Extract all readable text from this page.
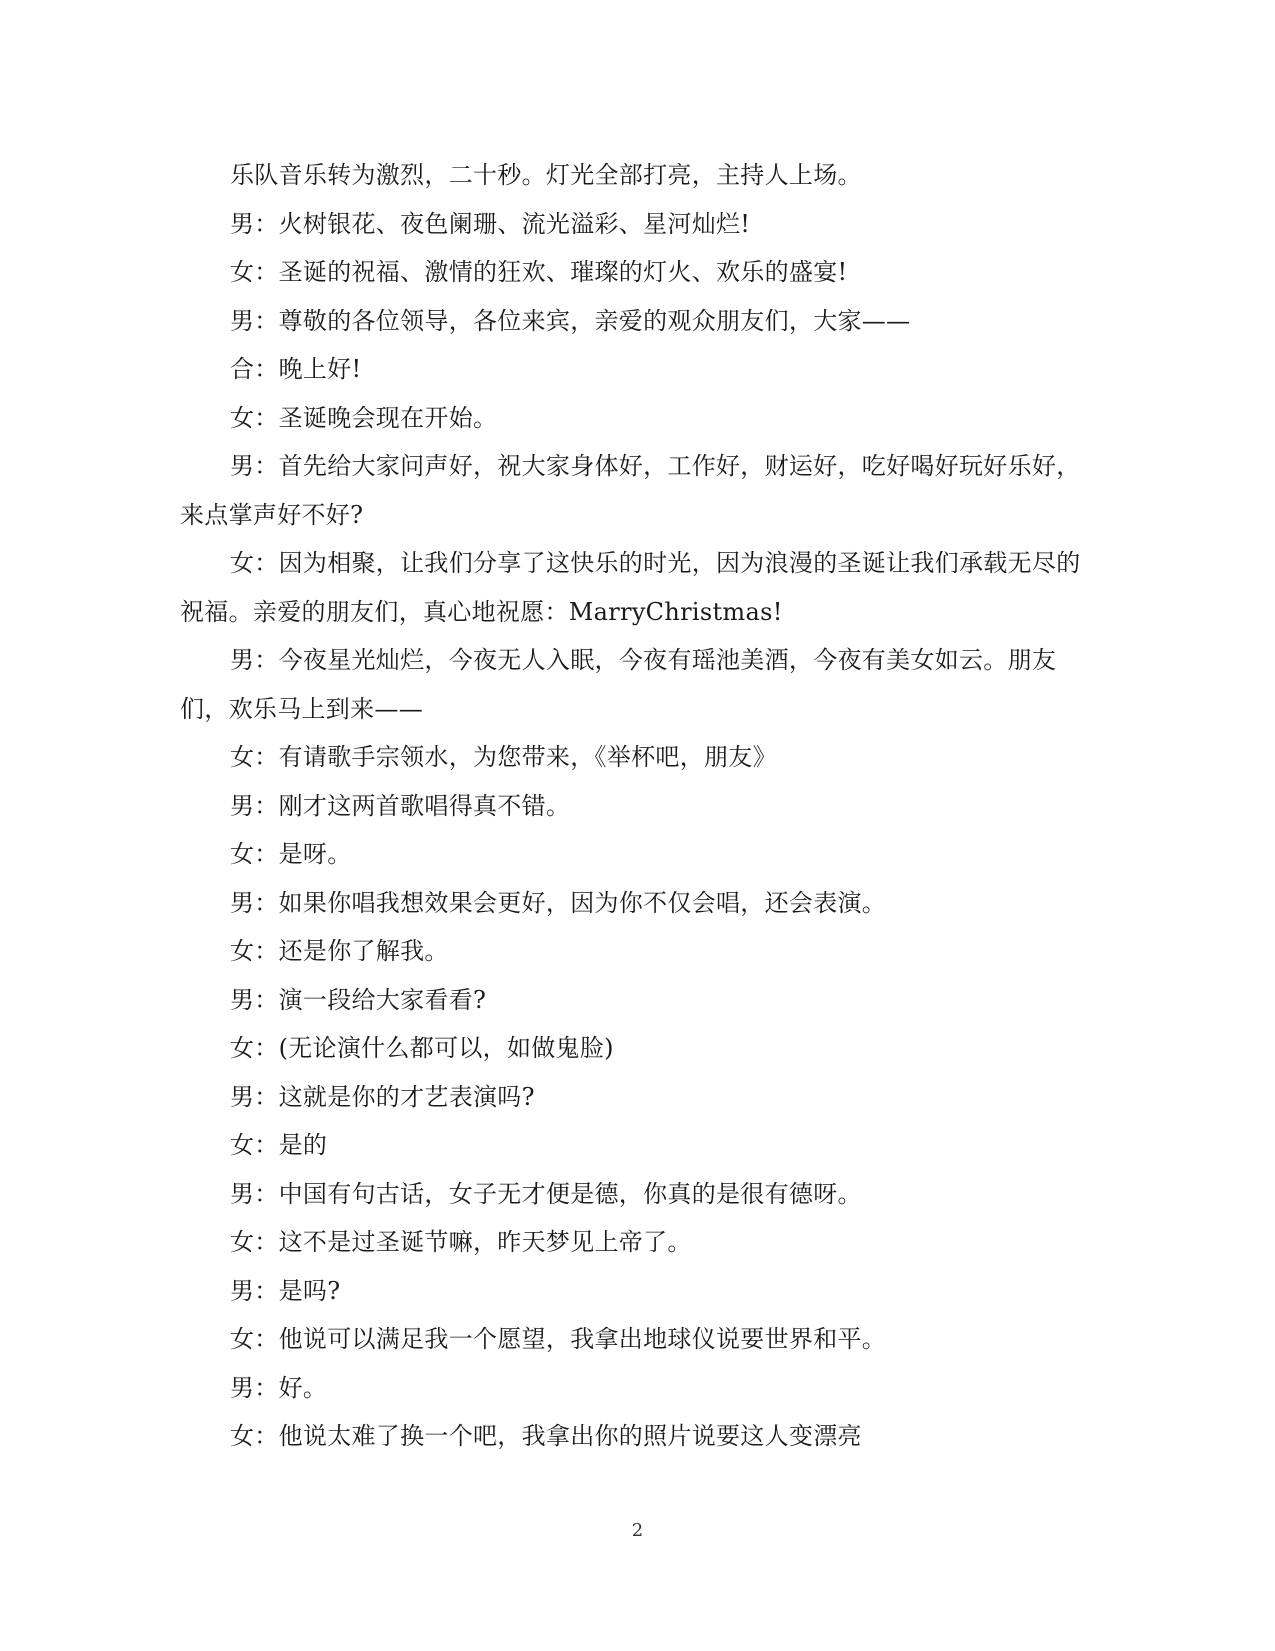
乐队音乐转为激烈，二十秒。灯光全部打亮，主持人上场。

男：火树银花、夜色阑珊、流光溢彩、星河灿烂!

女：圣诞的祝福、激情的狂欢、璀璨的灯火、欢乐的盛宴!

男：尊敬的各位领导，各位来宾，亲爱的观众朋友们，大家——

合：晚上好!

女：圣诞晚会现在开始。

男：首先给大家问声好，祝大家身体好，工作好，财运好，吃好喝好玩好乐好，来点掌声好不好?

女：因为相聚，让我们分享了这快乐的时光，因为浪漫的圣诞让我们承载无尽的祝福。亲爱的朋友们，真心地祝愿：MarryChristmas!

男：今夜星光灿烂，今夜无人入眠，今夜有瑶池美酒，今夜有美女如云。朋友们，欢乐马上到来——

女：有请歌手宗领水，为您带来，《举杯吧，朋友》

男：刚才这两首歌唱得真不错。

女：是呀。

男：如果你唱我想效果会更好，因为你不仅会唱，还会表演。

女：还是你了解我。

男：演一段给大家看看?

女：(无论演什么都可以，如做鬼脸)

男：这就是你的才艺表演吗?

女：是的

男：中国有句古话，女子无才便是德，你真的是很有德呀。

女：这不是过圣诞节嘛，昨天梦见上帝了。

男：是吗?

女：他说可以满足我一个愿望，我拿出地球仪说要世界和平。

男：好。

女：他说太难了换一个吧，我拿出你的照片说要这人变漂亮

2
